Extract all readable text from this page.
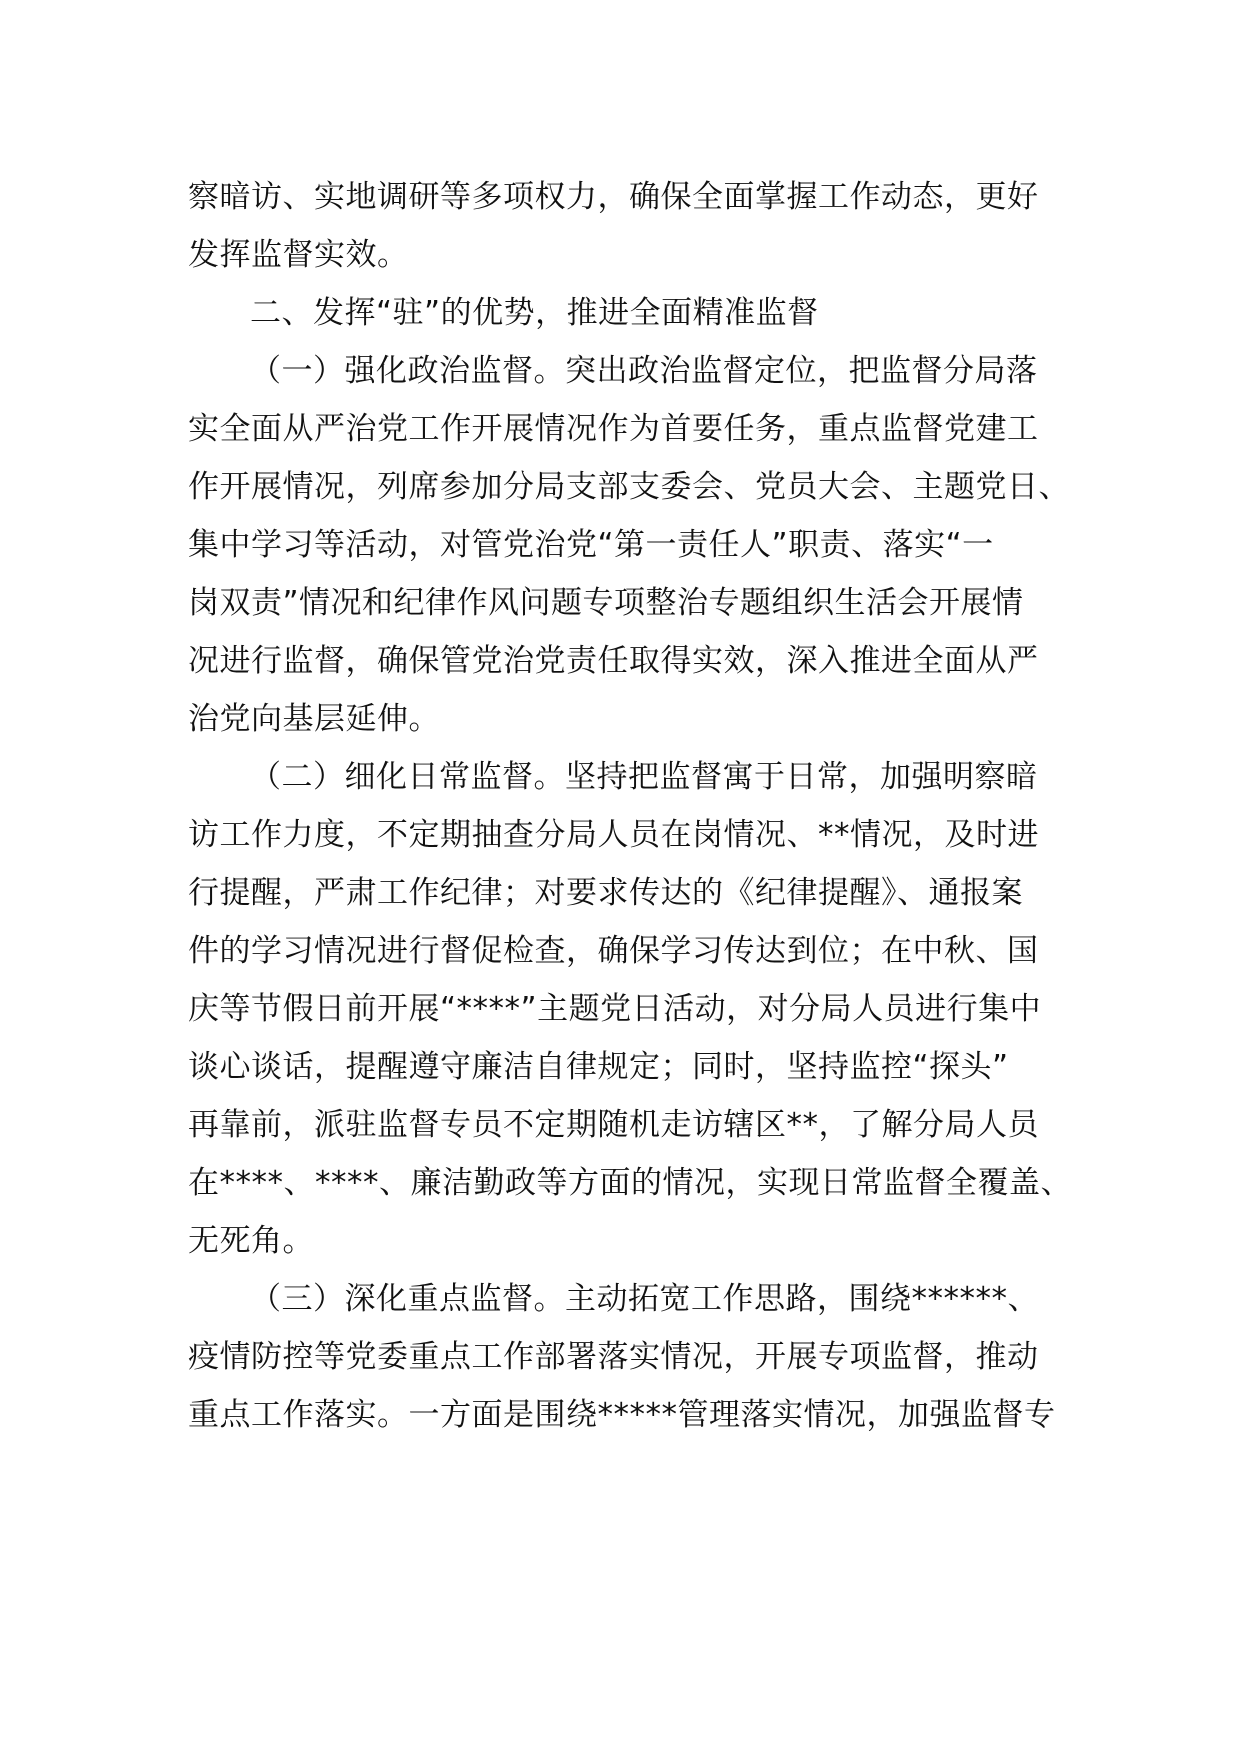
察暗访、实地调研等多项权力，确保全面掌握工作动态，更好
发挥监督实效。
二、发挥“驻”的优势，推进全面精准监督
（一）强化政治监督。突出政治监督定位，把监督分局落
实全面从严治党工作开展情况作为首要任务，重点监督党建工
作开展情况，列席参加分局支部支委会、党员大会、主题党日、
集中学习等活动，对管党治党“第一责任人”职责、落实“一
岗双责”情况和纪律作风问题专项整治专题组织生活会开展情
况进行监督，确保管党治党责任取得实效，深入推进全面从严
治党向基层延伸。
（二）细化日常监督。坚持把监督寓于日常，加强明察暗
访工作力度，不定期抽查分局人员在岗情况、**情况，及时进
行提醒，严肃工作纪律；对要求传达的《纪律提醒》、通报案
件的学习情况进行督促检查，确保学习传达到位；在中秋、国
庆等节假日前开展“****”主题党日活动，对分局人员进行集中
谈心谈话，提醒遵守廉洁自律规定；同时，坚持监控“探头”
再靠前，派驻监督专员不定期随机走访辖区**，了解分局人员
在****、****、廉洁勤政等方面的情况，实现日常监督全覆盖、
无死角。
（三）深化重点监督。主动拓宽工作思路，围绕******、
疫情防控等党委重点工作部署落实情况，开展专项监督，推动
重点工作落实。一方面是围绕*****管理落实情况，加强监督专
